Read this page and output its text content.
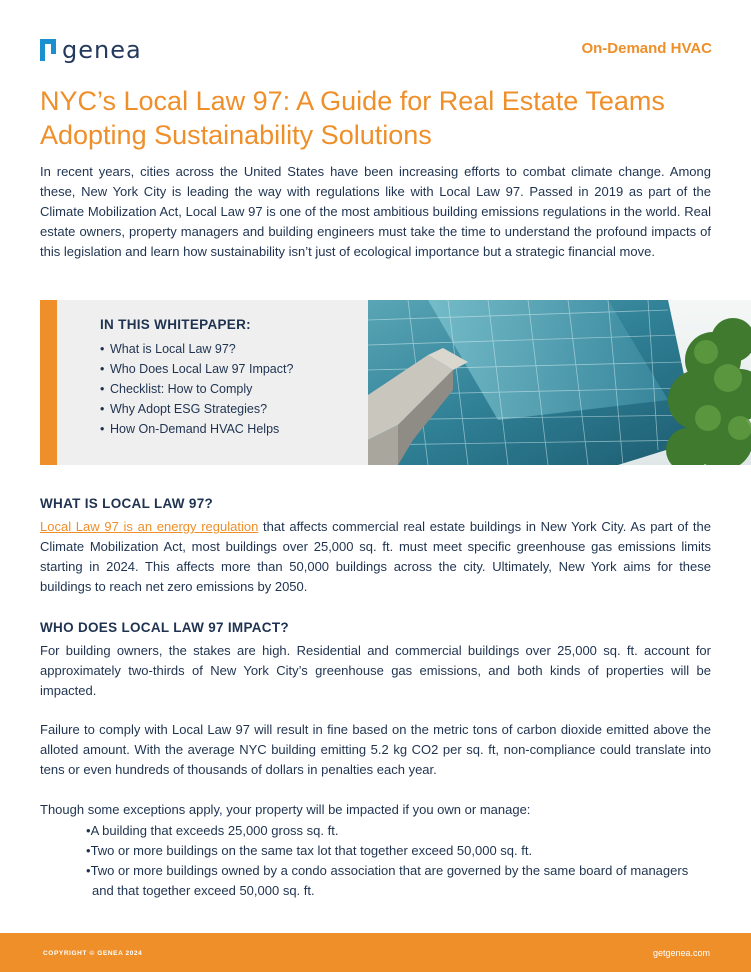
genea	On-Demand HVAC
NYC’s Local Law 97: A Guide for Real Estate Teams Adopting Sustainability Solutions

In recent years, cities across the United States have been increasing efforts to combat climate change. Among these, New York City is leading the way with regulations like with Local Law 97. Passed in 2019 as part of the Climate Mobilization Act, Local Law 97 is one of the most ambitious building emissions regulations in the world. Real estate owners, property managers and building engineers must take the time to understand the profound impacts of this legislation and learn how sustainability isn’t just of ecological importance but a strategic financial move.

IN THIS WHITEPAPER:
• What is Local Law 97?
• Who Does Local Law 97 Impact?
• Checklist: How to Comply
• Why Adopt ESG Strategies?
• How On-Demand HVAC Helps
WHAT IS LOCAL LAW 97?

Local Law 97 is an energy regulation that affects commercial real estate buildings in New York City. As part of the Climate Mobilization Act, most buildings over 25,000 sq. ft. must meet specific greenhouse gas emissions limits starting in 2024. This affects more than 50,000 buildings across the city. Ultimately, New York aims for these buildings to reach net zero emissions by 2050.

WHO DOES LOCAL LAW 97 IMPACT?

For building owners, the stakes are high. Residential and commercial buildings over 25,000 sq. ft. account for approximately two-thirds of New York City’s greenhouse gas emissions, and both kinds of properties will be impacted.

Failure to comply with Local Law 97 will result in fine based on the metric tons of carbon dioxide emitted above the alloted amount. With the average NYC building emitting 5.2 kg CO2 per sq. ft, non-compliance could translate into tens or even hundreds of thousands of dollars in penalties each year.

Though some exceptions apply, your property will be impacted if you own or manage:

• A building that exceeds 25,000 gross sq. ft.
• Two or more buildings on the same tax lot that together exceed 50,000 sq. ft.
• Two or more buildings owned by a condo association that are governed by the same board of managers and that together exceed 50,000 sq. ft.
COPYRIGHT © GENEA 2024	getgenea.com
